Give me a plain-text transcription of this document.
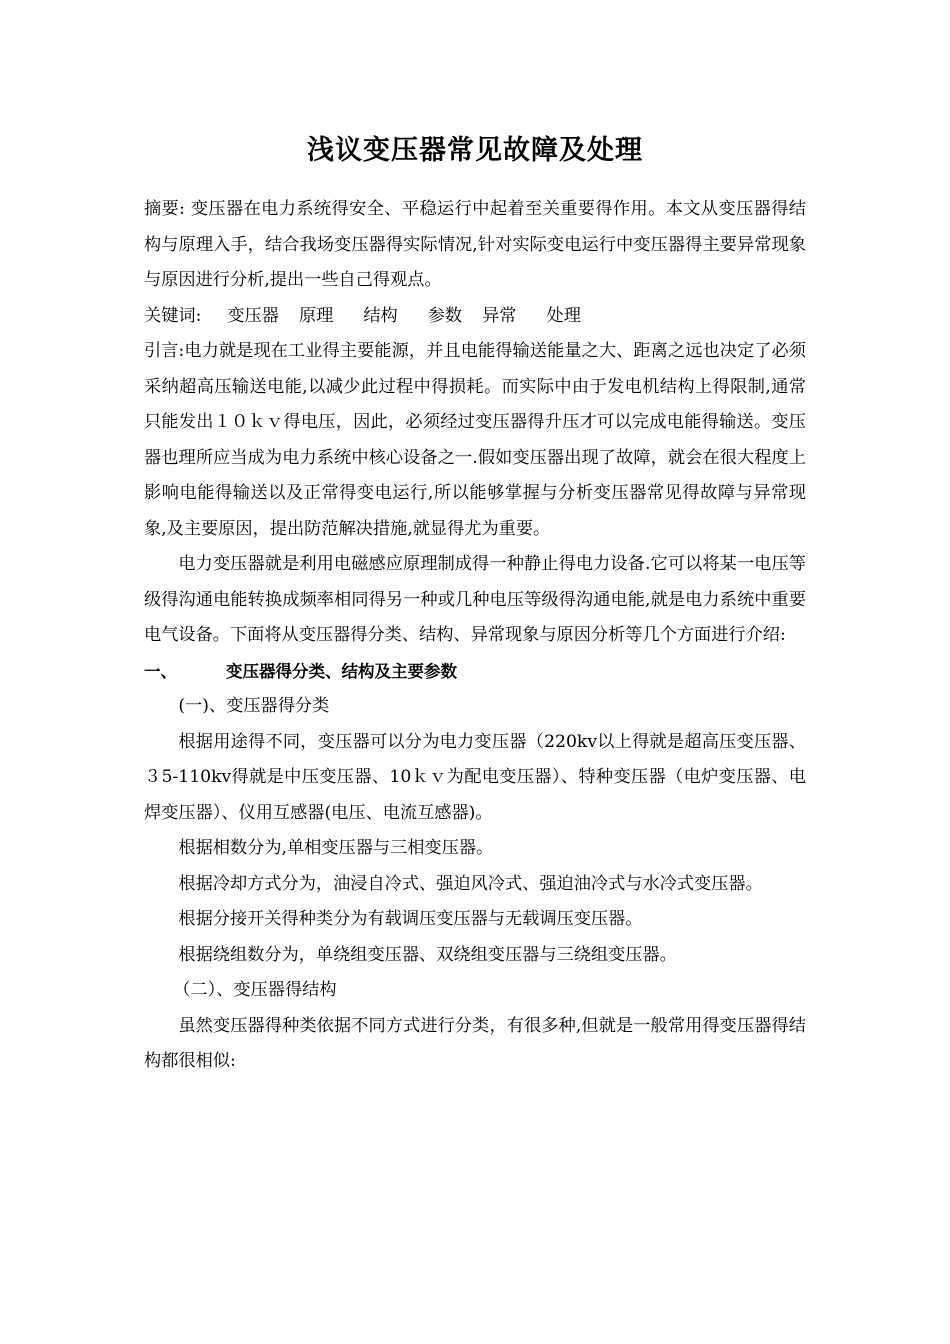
浅议变压器常见故障及处理

摘要: 变压器在电力系统得安全、平稳运行中起着至关重要得作用。本文从变压器得结构与原理入手，结合我场变压器得实际情况,针对实际变电运行中变压器得主要异常现象与原因进行分析,提出一些自己得观点。

关键词: 变压器 原理 结构 参数 异常 处理

引言:电力就是现在工业得主要能源，并且电能得输送能量之大、距离之远也决定了必须采纳超高压输送电能,以减少此过程中得损耗。而实际中由于发电机结构上得限制,通常只能发出１０ｋｖ得电压，因此，必须经过变压器得升压才可以完成电能得输送。变压器也理所应当成为电力系统中核心设备之一.假如变压器出现了故障，就会在很大程度上影响电能得输送以及正常得变电运行,所以能够掌握与分析变压器常见得故障与异常现象,及主要原因，提出防范解决措施,就显得尤为重要。

电力变压器就是利用电磁感应原理制成得一种静止得电力设备.它可以将某一电压等级得沟通电能转换成频率相同得另一种或几种电压等级得沟通电能,就是电力系统中重要电气设备。下面将从变压器得分类、结构、异常现象与原因分析等几个方面进行介绍:

一、	变压器得分类、结构及主要参数

(一)、变压器得分类

根据用途得不同，变压器可以分为电力变压器（220kv以上得就是超高压变压器、３5-110kv得就是中压变压器、10ｋｖ为配电变压器）、特种变压器（电炉变压器、电焊变压器）、仪用互感器(电压、电流互感器)。

根据相数分为,单相变压器与三相变压器。

根据冷却方式分为，油浸自冷式、强迫风冷式、强迫油冷式与水冷式变压器。

根据分接开关得种类分为有载调压变压器与无载调压变压器。

根据绕组数分为，单绕组变压器、双绕组变压器与三绕组变压器。

（二）、变压器得结构

虽然变压器得种类依据不同方式进行分类，有很多种,但就是一般常用得变压器得结构都很相似:
